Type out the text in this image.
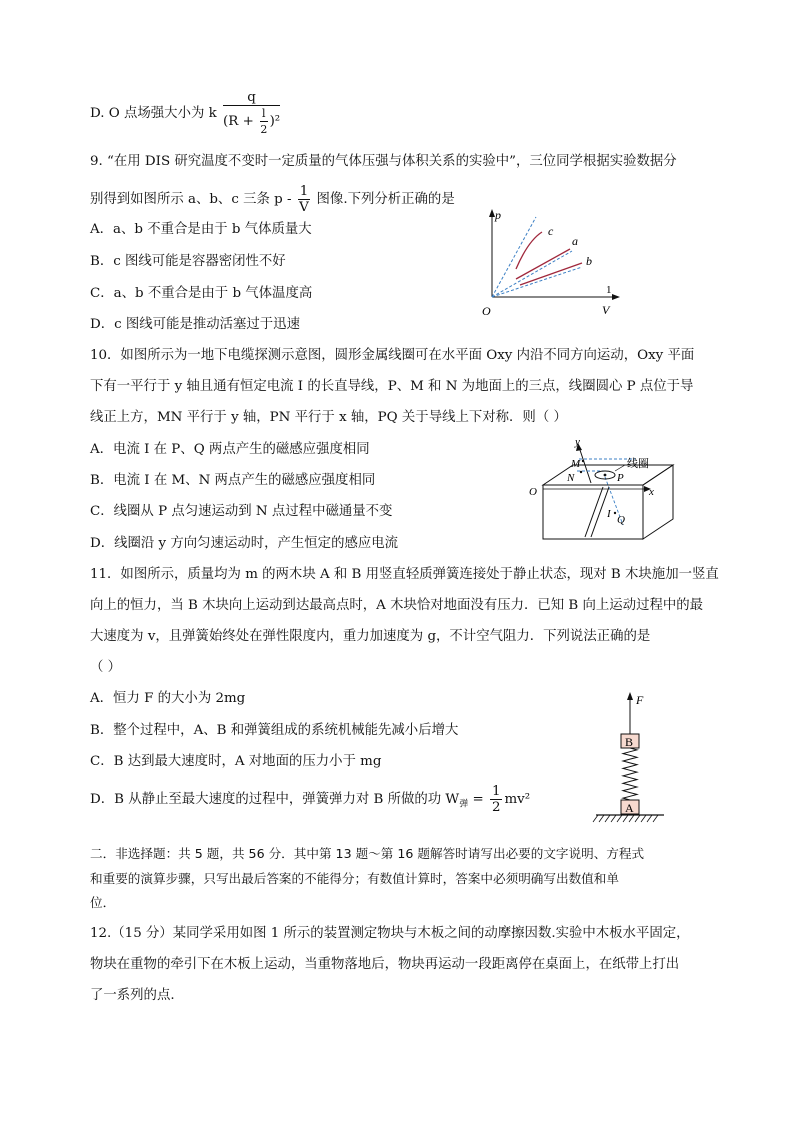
D. O 点场强大小为 k $\frac{q}{(R + \frac{l}{2} )^2}$
9. “在用 DIS 研究温度不变时一定质量的气体压强与体积关系的实验中”，三位同学根据实验数据分
别得到如图所示 a、b、c 三条 p - $\frac{1}{V}$ 图像.下列分析正确的是
A．a、b 不重合是由于 b 气体质量大
B．c 图线可能是容器密闭性不好
C．a、b 不重合是由于 b 气体温度高
D．c 图线可能是推动活塞过于迅速
p
c
a
b
O
1
V
10．如图所示为一地下电缆探测示意图，圆形金属线圈可在水平面 Oxy 内沿不同方向运动，Oxy 平面
下有一平行于 y 轴且通有恒定电流 I 的长直导线，P、M 和 N 为地面上的三点，线圈圆心 P 点位于导
线正上方，MN 平行于 y 轴，PN 平行于 x 轴，PQ 关于导线上下对称．则（ ）
A．电流 I 在 P、Q 两点产生的磁感应强度相同
B．电流 I 在 M、N 两点产生的磁感应强度相同
C．线圈从 P 点匀速运动到 N 点过程中磁通量不变
D．线圈沿 y 方向匀速运动时，产生恒定的感应电流
y
M
N
线圈
P
x
O
I Q
11．如图所示，质量均为 m 的两木块 A 和 B 用竖直轻质弹簧连接处于静止状态，现对 B 木块施加一竖直
向上的恒力，当 B 木块向上运动到达最高点时，A 木块恰对地面没有压力．已知 B 向上运动过程中的最
大速度为 v，且弹簧始终处在弹性限度内，重力加速度为 g，不计空气阻力．下列说法正确的是
（ ）
A．恒力 F 的大小为 2mg
B．整个过程中，A、B 和弹簧组成的系统机械能先减小后增大
C．B 达到最大速度时，A 对地面的压力小于 mg
D．B 从静止至最大速度的过程中，弹簧弹力对 B 所做的功 $W_弹 = \frac{1}{2} mv^2$
F
B
A
二．非选择题：共 5 题，共 56 分．其中第 13 题～第 16 题解答时请写出必要的文字说明、方程式
和重要的演算步骤，只写出最后答案的不能得分；有数值计算时，答案中必须明确写出数值和单
位．
12.（15 分）某同学采用如图 1 所示的装置测定物块与木板之间的动摩擦因数.实验中木板水平固定，
物块在重物的牵引下在木板上运动，当重物落地后，物块再运动一段距离停在桌面上，在纸带上打出
了一系列的点.
